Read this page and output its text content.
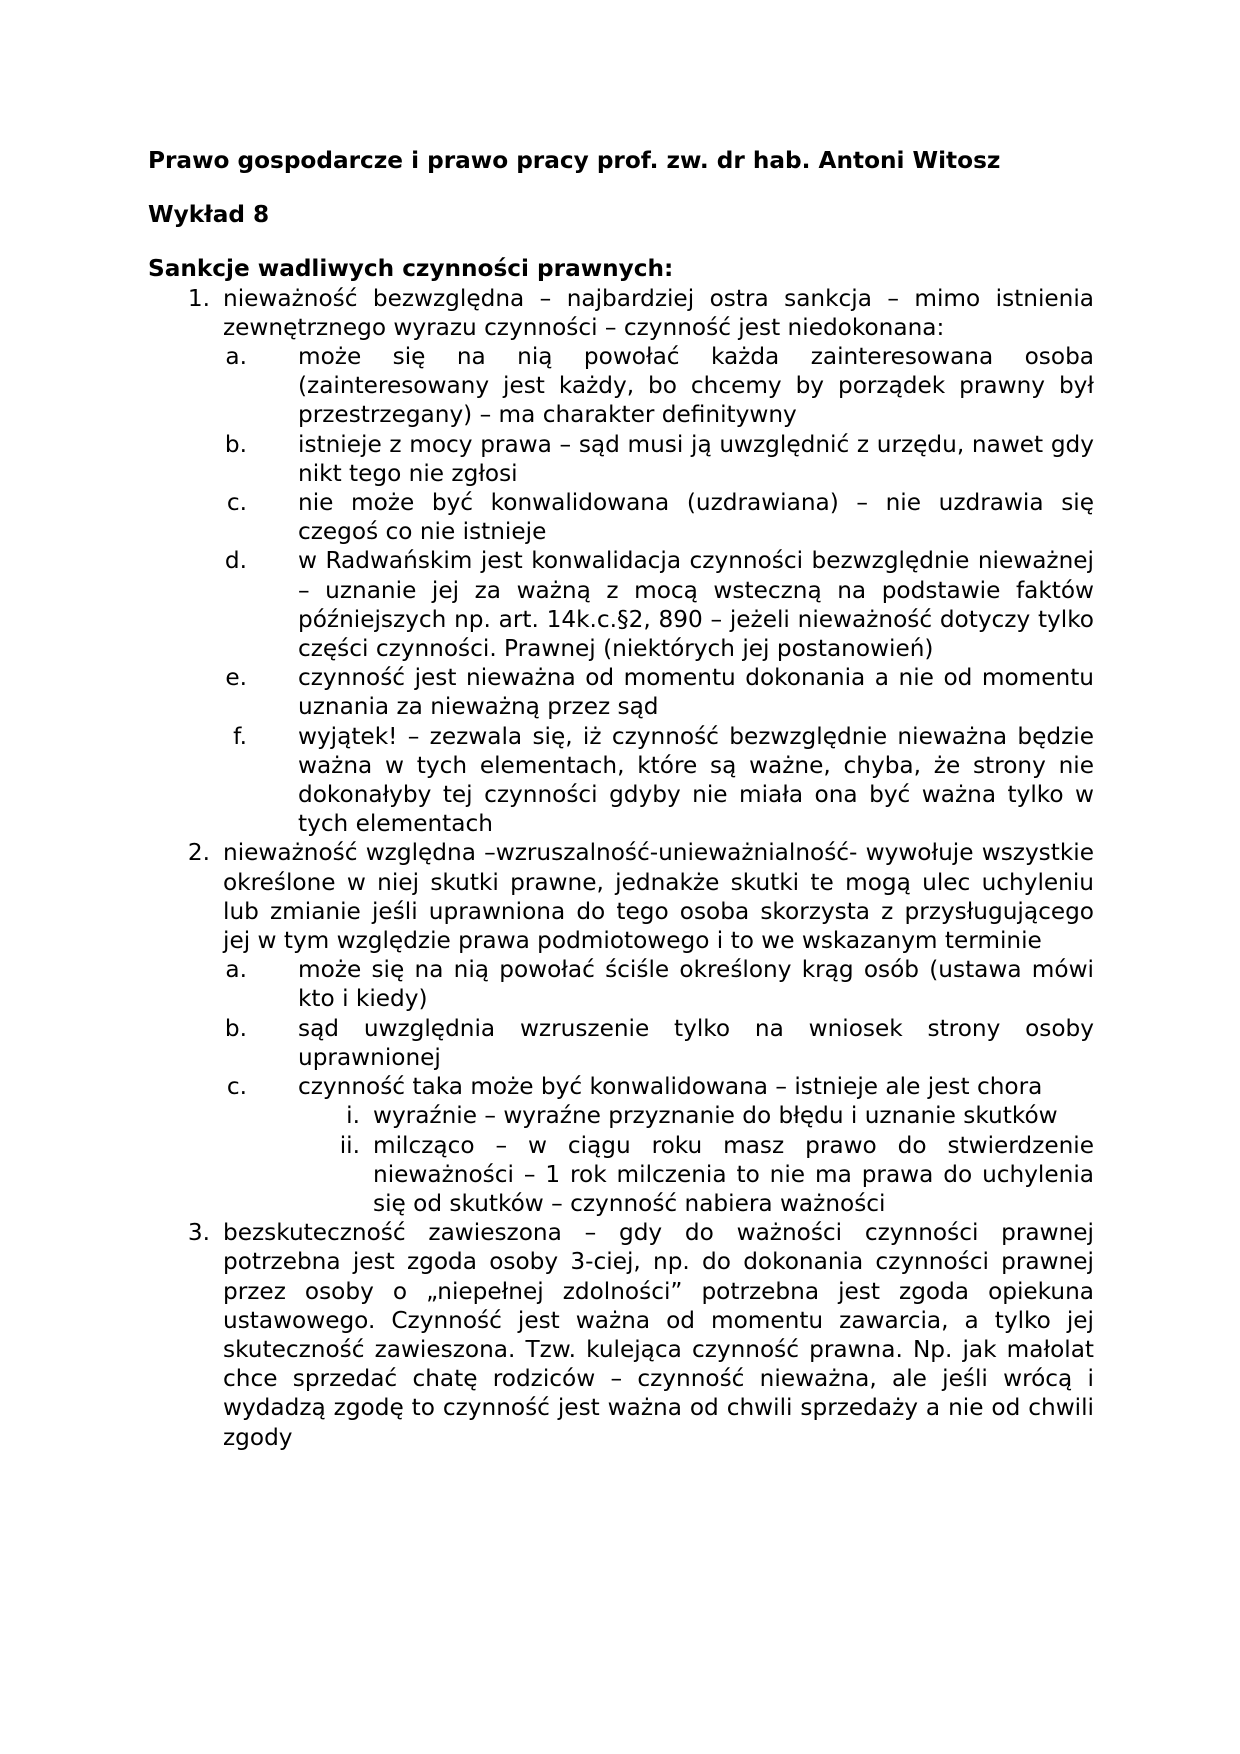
Prawo gospodarcze i prawo pracy prof. zw. dr hab. Antoni Witosz

Wykład 8

Sankcje wadliwych czynności prawnych:

1. nieważność bezwzględna – najbardziej ostra sankcja – mimo istnienia zewnętrznego wyrazu czynności – czynność jest niedokonana:
a. może się na nią powołać każda zainteresowana osoba (zainteresowany jest każdy, bo chcemy by porządek prawny był przestrzegany) – ma charakter definitywny
b. istnieje z mocy prawa – sąd musi ją uwzględnić z urzędu, nawet gdy nikt tego nie zgłosi
c. nie może być konwalidowana (uzdrawiana) – nie uzdrawia się czegoś co nie istnieje
d. w Radwańskim jest konwalidacja czynności bezwzględnie nieważnej – uznanie jej za ważną z mocą wsteczną na podstawie faktów późniejszych np. art. 14k.c.§2, 890 – jeżeli nieważność dotyczy tylko części czynności. Prawnej (niektórych jej postanowień)
e. czynność jest nieważna od momentu dokonania a nie od momentu uznania za nieważną przez sąd
f. wyjątek! – zezwala się, iż czynność bezwzględnie nieważna będzie ważna w tych elementach, które są ważne, chyba, że strony nie dokonałyby tej czynności gdyby nie miała ona być ważna tylko w tych elementach
2. nieważność względna –wzruszalność-unieważnialność- wywołuje wszystkie określone w niej skutki prawne, jednakże skutki te mogą ulec uchyleniu lub zmianie jeśli uprawniona do tego osoba skorzysta z przysługującego jej w tym względzie prawa podmiotowego i to we wskazanym terminie
a. może się na nią powołać ściśle określony krąg osób (ustawa mówi kto i kiedy)
b. sąd uwzględnia wzruszenie tylko na wniosek strony osoby uprawnionej
c. czynność taka może być konwalidowana – istnieje ale jest chora
i. wyraźnie – wyraźne przyznanie do błędu i uznanie skutków
ii. milcząco – w ciągu roku masz prawo do stwierdzenie nieważności – 1 rok milczenia to nie ma prawa do uchylenia się od skutków – czynność nabiera ważności
3. bezskuteczność zawieszona – gdy do ważności czynności prawnej potrzebna jest zgoda osoby 3-ciej, np. do dokonania czynności prawnej przez osoby o „niepełnej zdolności” potrzebna jest zgoda opiekuna ustawowego. Czynność jest ważna od momentu zawarcia, a tylko jej skuteczność zawieszona. Tzw. kulejąca czynność prawna. Np. jak małolat chce sprzedać chatę rodziców – czynność nieważna, ale jeśli wrócą i wydadzą zgodę to czynność jest ważna od chwili sprzedaży a nie od chwili zgody
